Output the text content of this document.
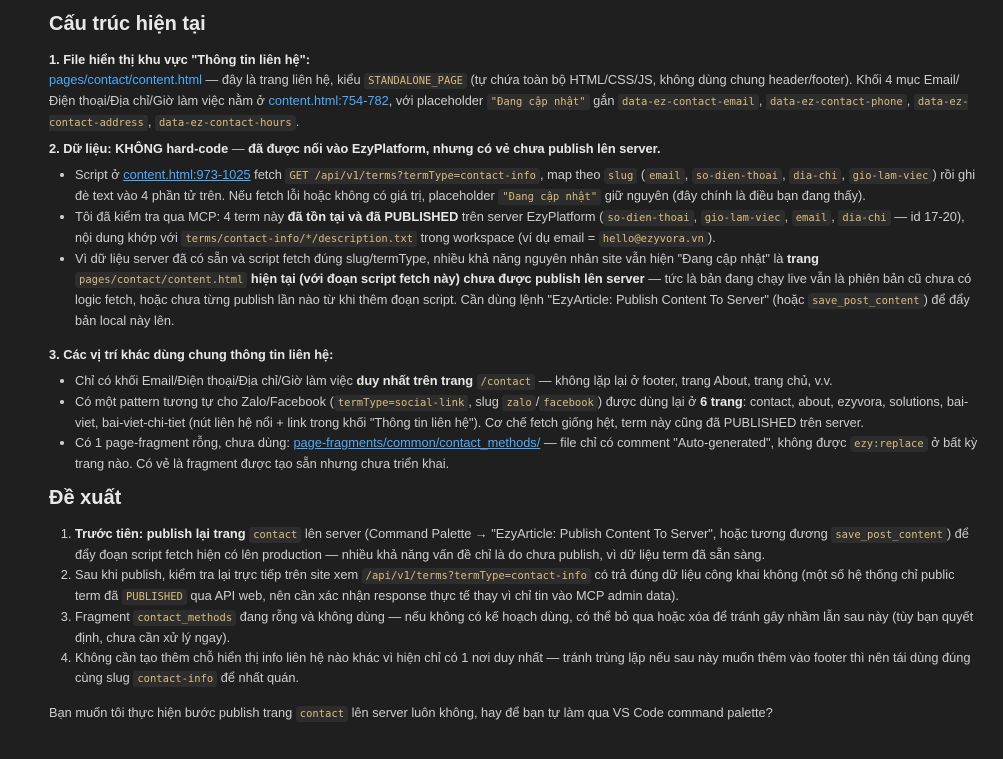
Cấu trúc hiện tại
1. File hiển thị khu vực "Thông tin liên hệ":
pages/contact/content.html — đây là trang liên hệ, kiểu STANDALONE_PAGE (tự chứa toàn bộ HTML/CSS/JS, không dùng chung header/footer). Khối 4 mục Email/Điện thoại/Địa chỉ/Giờ làm việc nằm ở content.html:754-782, với placeholder "Đang cập nhật" gắn data-ez-contact-email , data-ez-contact-phone , data-ez-contact-address , data-ez-contact-hours .
2. Dữ liệu: KHÔNG hard-code — đã được nối vào EzyPlatform, nhưng có vẻ chưa publish lên server.
• Script ở content.html:973-1025 fetch GET /api/v1/terms?termType=contact-info , map theo slug ( email , so-dien-thoai , dia-chi , gio-lam-viec ) rồi ghi đè text vào 4 phần tử trên. Nếu fetch lỗi hoặc không có giá trị, placeholder "Đang cập nhật" giữ nguyên (đây chính là điều bạn đang thấy).
• Tôi đã kiểm tra qua MCP: 4 term này đã tồn tại và đã PUBLISHED trên server EzyPlatform ( so-dien-thoai , gio-lam-viec , email , dia-chi — id 17-20), nội dung khớp với terms/contact-info/*/description.txt trong workspace (ví dụ email = hello@ezyvora.vn ).
• Vì dữ liệu server đã có sẵn và script fetch đúng slug/termType, nhiều khả năng nguyên nhân site vẫn hiện "Đang cập nhật" là trang pages/contact/content.html hiện tại (với đoạn script fetch này) chưa được publish lên server — tức là bản đang chạy live vẫn là phiên bản cũ chưa có logic fetch, hoặc chưa từng publish lần nào từ khi thêm đoạn script. Cần dùng lệnh "EzyArticle: Publish Content To Server" (hoặc save_post_content ) để đẩy bản local này lên.
3. Các vị trí khác dùng chung thông tin liên hệ:
• Chỉ có khối Email/Điện thoại/Địa chỉ/Giờ làm việc duy nhất trên trang /contact — không lặp lại ở footer, trang About, trang chủ, v.v.
• Có một pattern tương tự cho Zalo/Facebook ( termType=social-link , slug zalo / facebook ) được dùng lại ở 6 trang: contact, about, ezyvora, solutions, bai-viet, bai-viet-chi-tiet (nút liên hệ nổi + link trong khối "Thông tin liên hệ"). Cơ chế fetch giống hệt, term này cũng đã PUBLISHED trên server.
• Có 1 page-fragment rỗng, chưa dùng: page-fragments/common/contact_methods/ — file chỉ có comment "Auto-generated", không được ezy:replace ở bất kỳ trang nào. Có vẻ là fragment được tạo sẵn nhưng chưa triển khai.
Đề xuất
1. Trước tiên: publish lại trang contact lên server (Command Palette → "EzyArticle: Publish Content To Server", hoặc tương đương save_post_content ) để đẩy đoạn script fetch hiện có lên production — nhiều khả năng vấn đề chỉ là do chưa publish, vì dữ liệu term đã sẵn sàng.
2. Sau khi publish, kiểm tra lại trực tiếp trên site xem /api/v1/terms?termType=contact-info có trả đúng dữ liệu công khai không (một số hệ thống chỉ public term đã PUBLISHED qua API web, nên cần xác nhận response thực tế thay vì chỉ tin vào MCP admin data).
3. Fragment contact_methods đang rỗng và không dùng — nếu không có kế hoạch dùng, có thể bỏ qua hoặc xóa để tránh gây nhầm lẫn sau này (tùy bạn quyết định, chưa cần xử lý ngay).
4. Không cần tạo thêm chỗ hiển thị info liên hệ nào khác vì hiện chỉ có 1 nơi duy nhất — tránh trùng lặp nếu sau này muốn thêm vào footer thì nên tái dùng đúng cùng slug contact-info để nhất quán.

Bạn muốn tôi thực hiện bước publish trang contact lên server luôn không, hay để bạn tự làm qua VS Code command palette?
